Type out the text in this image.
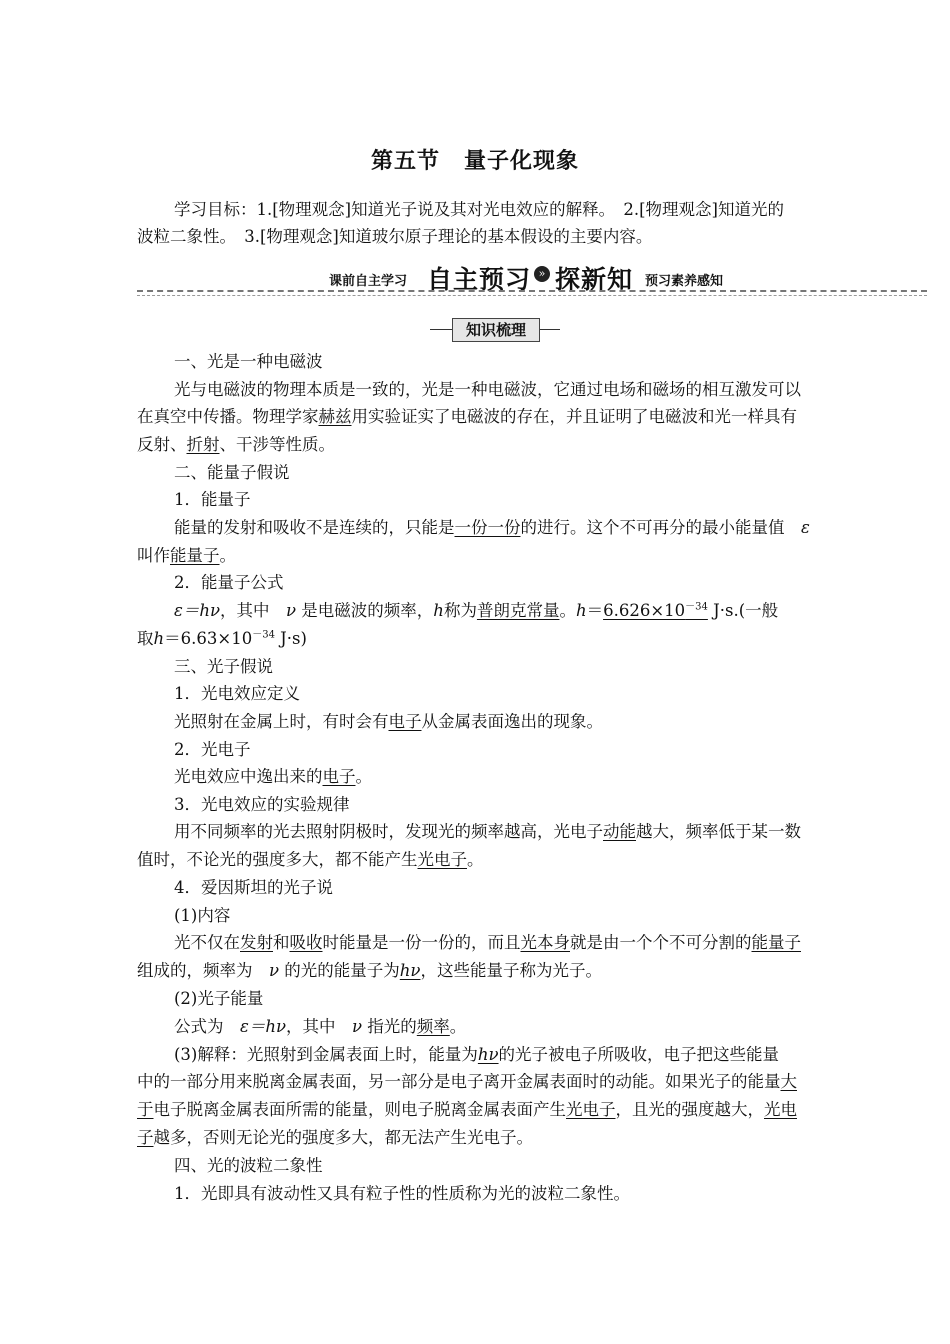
第五节 量子化现象
学习目标：1.[物理观念]知道光子说及其对光电效应的解释。　2.[物理观念]知道光的
波粒二象性。　3.[物理观念]知道玻尔原子理论的基本假设的主要内容。
课前自主学习 自主预习 探新知 预习素养感知
»
知识梳理
一、光是一种电磁波
光与电磁波的物理本质是一致的，光是一种电磁波，它通过电场和磁场的相互激发可以
在真空中传播。物理学家赫兹用实验证实了电磁波的存在，并且证明了电磁波和光一样具有
反射、折射、干涉等性质。
二、能量子假说
1．能量子
能量的发射和吸收不是连续的，只能是一份一份的进行。这个不可再分的最小能量值　 ε
叫作能量子。
2．能量子公式
ε＝hν，其中　 ν 是电磁波的频率，h称为普朗克常量。$h=6.626\times 10^{-34}$ J·s.(一般
取$h=6.63\times 10^{-34}$ J·s)
三、光子假说
1．光电效应定义
光照射在金属上时，有时会有电子从金属表面逸出的现象。
2．光电子
光电效应中逸出来的电子。
3．光电效应的实验规律
用不同频率的光去照射阴极时，发现光的频率越高，光电子动能越大，频率低于某一数
值时，不论光的强度多大，都不能产生光电子。
4．爱因斯坦的光子说
(1)内容
光不仅在发射和吸收时能量是一份一份的，而且光本身就是由一个个不可分割的能量子
组成的，频率为　 ν 的光的能量子为hν，这些能量子称为光子。
(2)光子能量
公式为　 ε＝hν，其中　 ν 指光的频率。
(3)解释：光照射到金属表面上时，能量为hν的光子被电子所吸收，电子把这些能量
中的一部分用来脱离金属表面，另一部分是电子离开金属表面时的动能。如果光子的能量大
于电子脱离金属表面所需的能量，则电子脱离金属表面产生光电子，且光的强度越大，光电
子越多，否则无论光的强度多大，都无法产生光电子。
四、光的波粒二象性
1．光即具有波动性又具有粒子性的性质称为光的波粒二象性。
